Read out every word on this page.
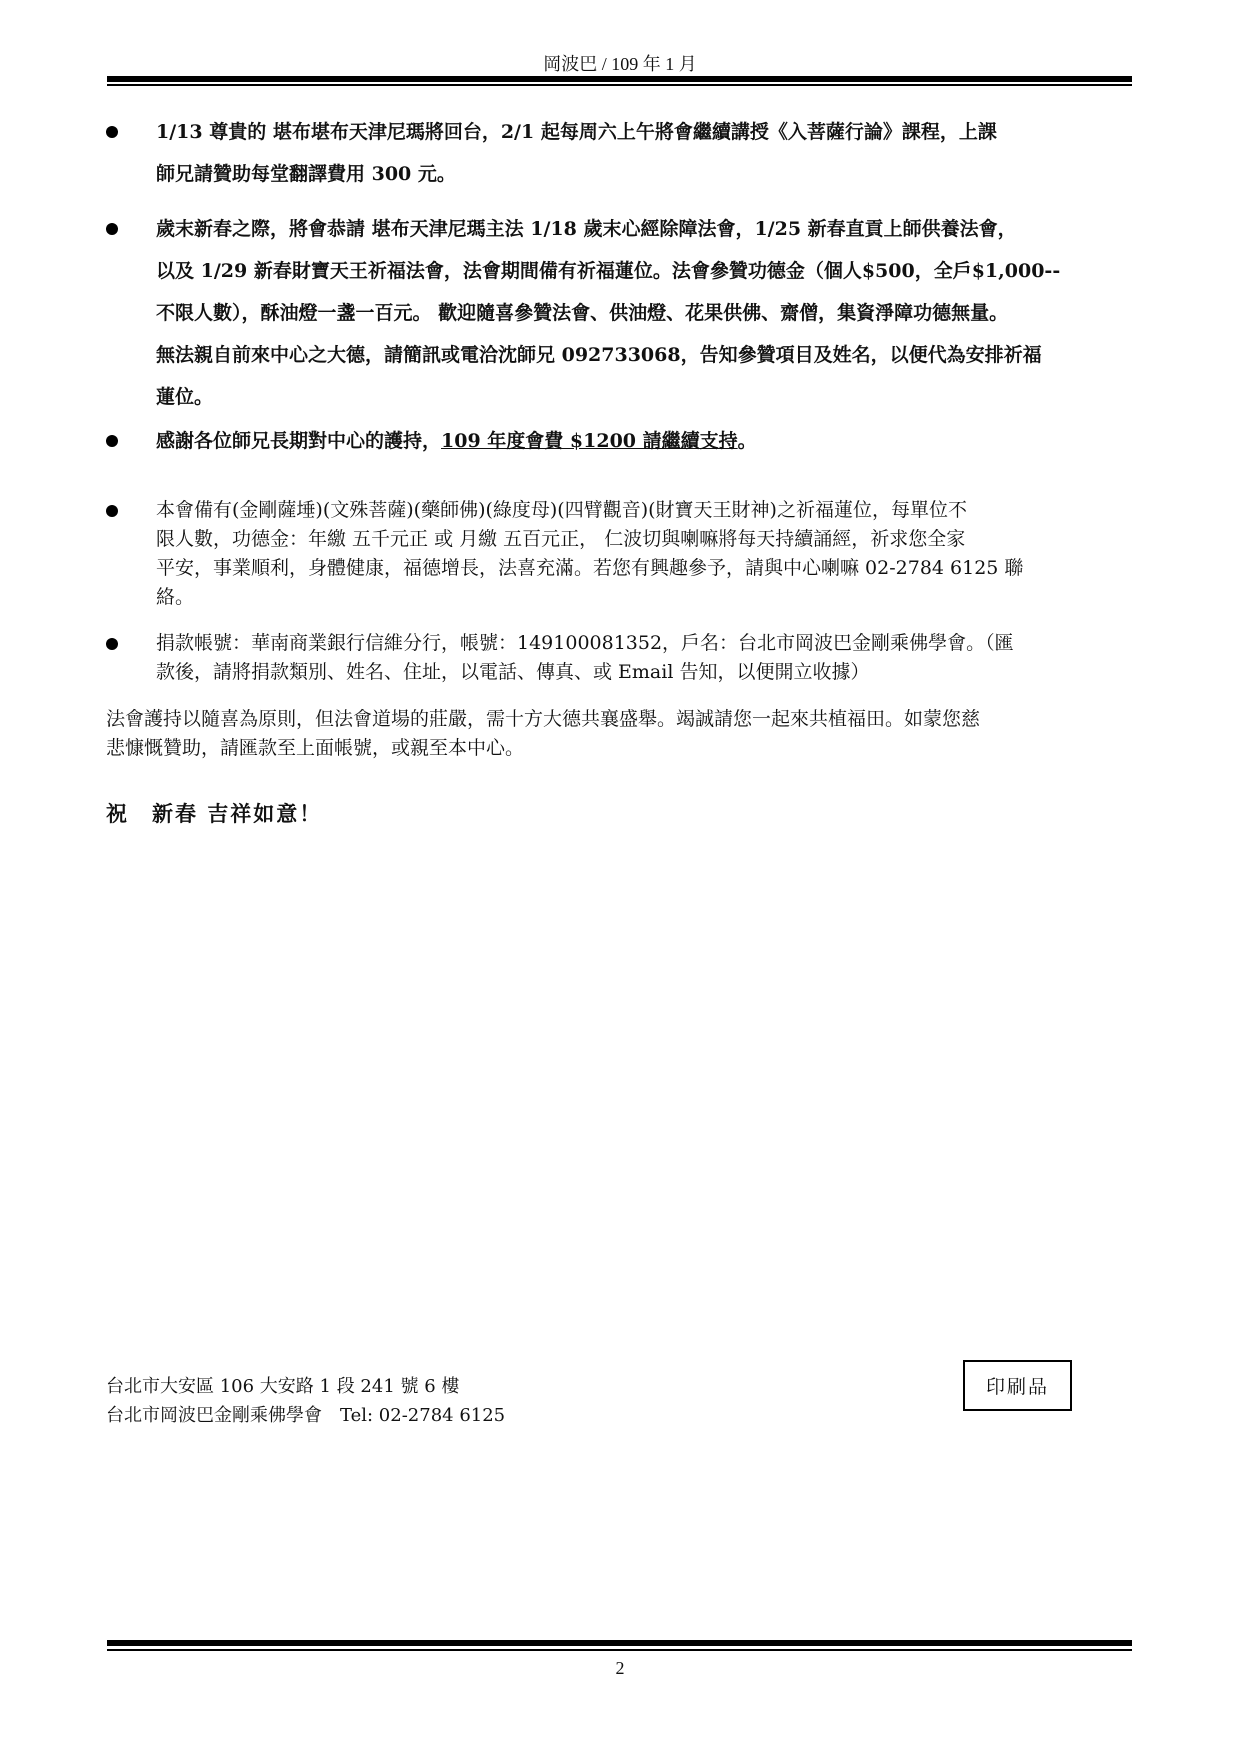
岡波巴 / 109 年 1 月
1/13 尊貴的 堪布堪布天津尼瑪將回台，2/1 起每周六上午將會繼續講授《入菩薩行論》課程，上課
師兄請贊助每堂翻譯費用 300 元。
歲末新春之際，將會恭請 堪布天津尼瑪主法 1/18 歲末心經除障法會，1/25 新春直貢上師供養法會，
以及 1/29 新春財寶天王祈福法會，法會期間備有祈福蓮位。法會參贊功德金（個人$500，全戶$1,000--
不限人數），酥油燈一盞一百元。 歡迎隨喜參贊法會、供油燈、花果供佛、齋僧，集資淨障功德無量。
無法親自前來中心之大德，請簡訊或電洽沈師兄 092733068，告知參贊項目及姓名，以便代為安排祈福
蓮位。
感謝各位師兄長期對中心的護持，109 年度會費 $1200 請繼續支持。
本會備有(金剛薩埵)(文殊菩薩)(藥師佛)(綠度母)(四臂觀音)(財寶天王財神)之祈福蓮位，每單位不
限人數，功德金：年繳 五千元正 或 月繳 五百元正， 仁波切與喇嘛將每天持續誦經，祈求您全家
平安，事業順利，身體健康，福德增長，法喜充滿。若您有興趣參予，請與中心喇嘛 02-2784 6125 聯
絡。
捐款帳號：華南商業銀行信維分行，帳號：149100081352，戶名：台北市岡波巴金剛乘佛學會。（匯
款後，請將捐款類別、姓名、住址，以電話、傳真、或 Email 告知，以便開立收據）
法會護持以隨喜為原則，但法會道場的莊嚴，需十方大德共襄盛舉。竭誠請您一起來共植福田。如蒙您慈
悲慷慨贊助，請匯款至上面帳號，或親至本中心。
祝　新春 吉祥如意！
台北市大安區 106 大安路 1 段 241 號 6 樓
台北市岡波巴金剛乘佛學會　Tel: 02-2784 6125
印刷品
2
